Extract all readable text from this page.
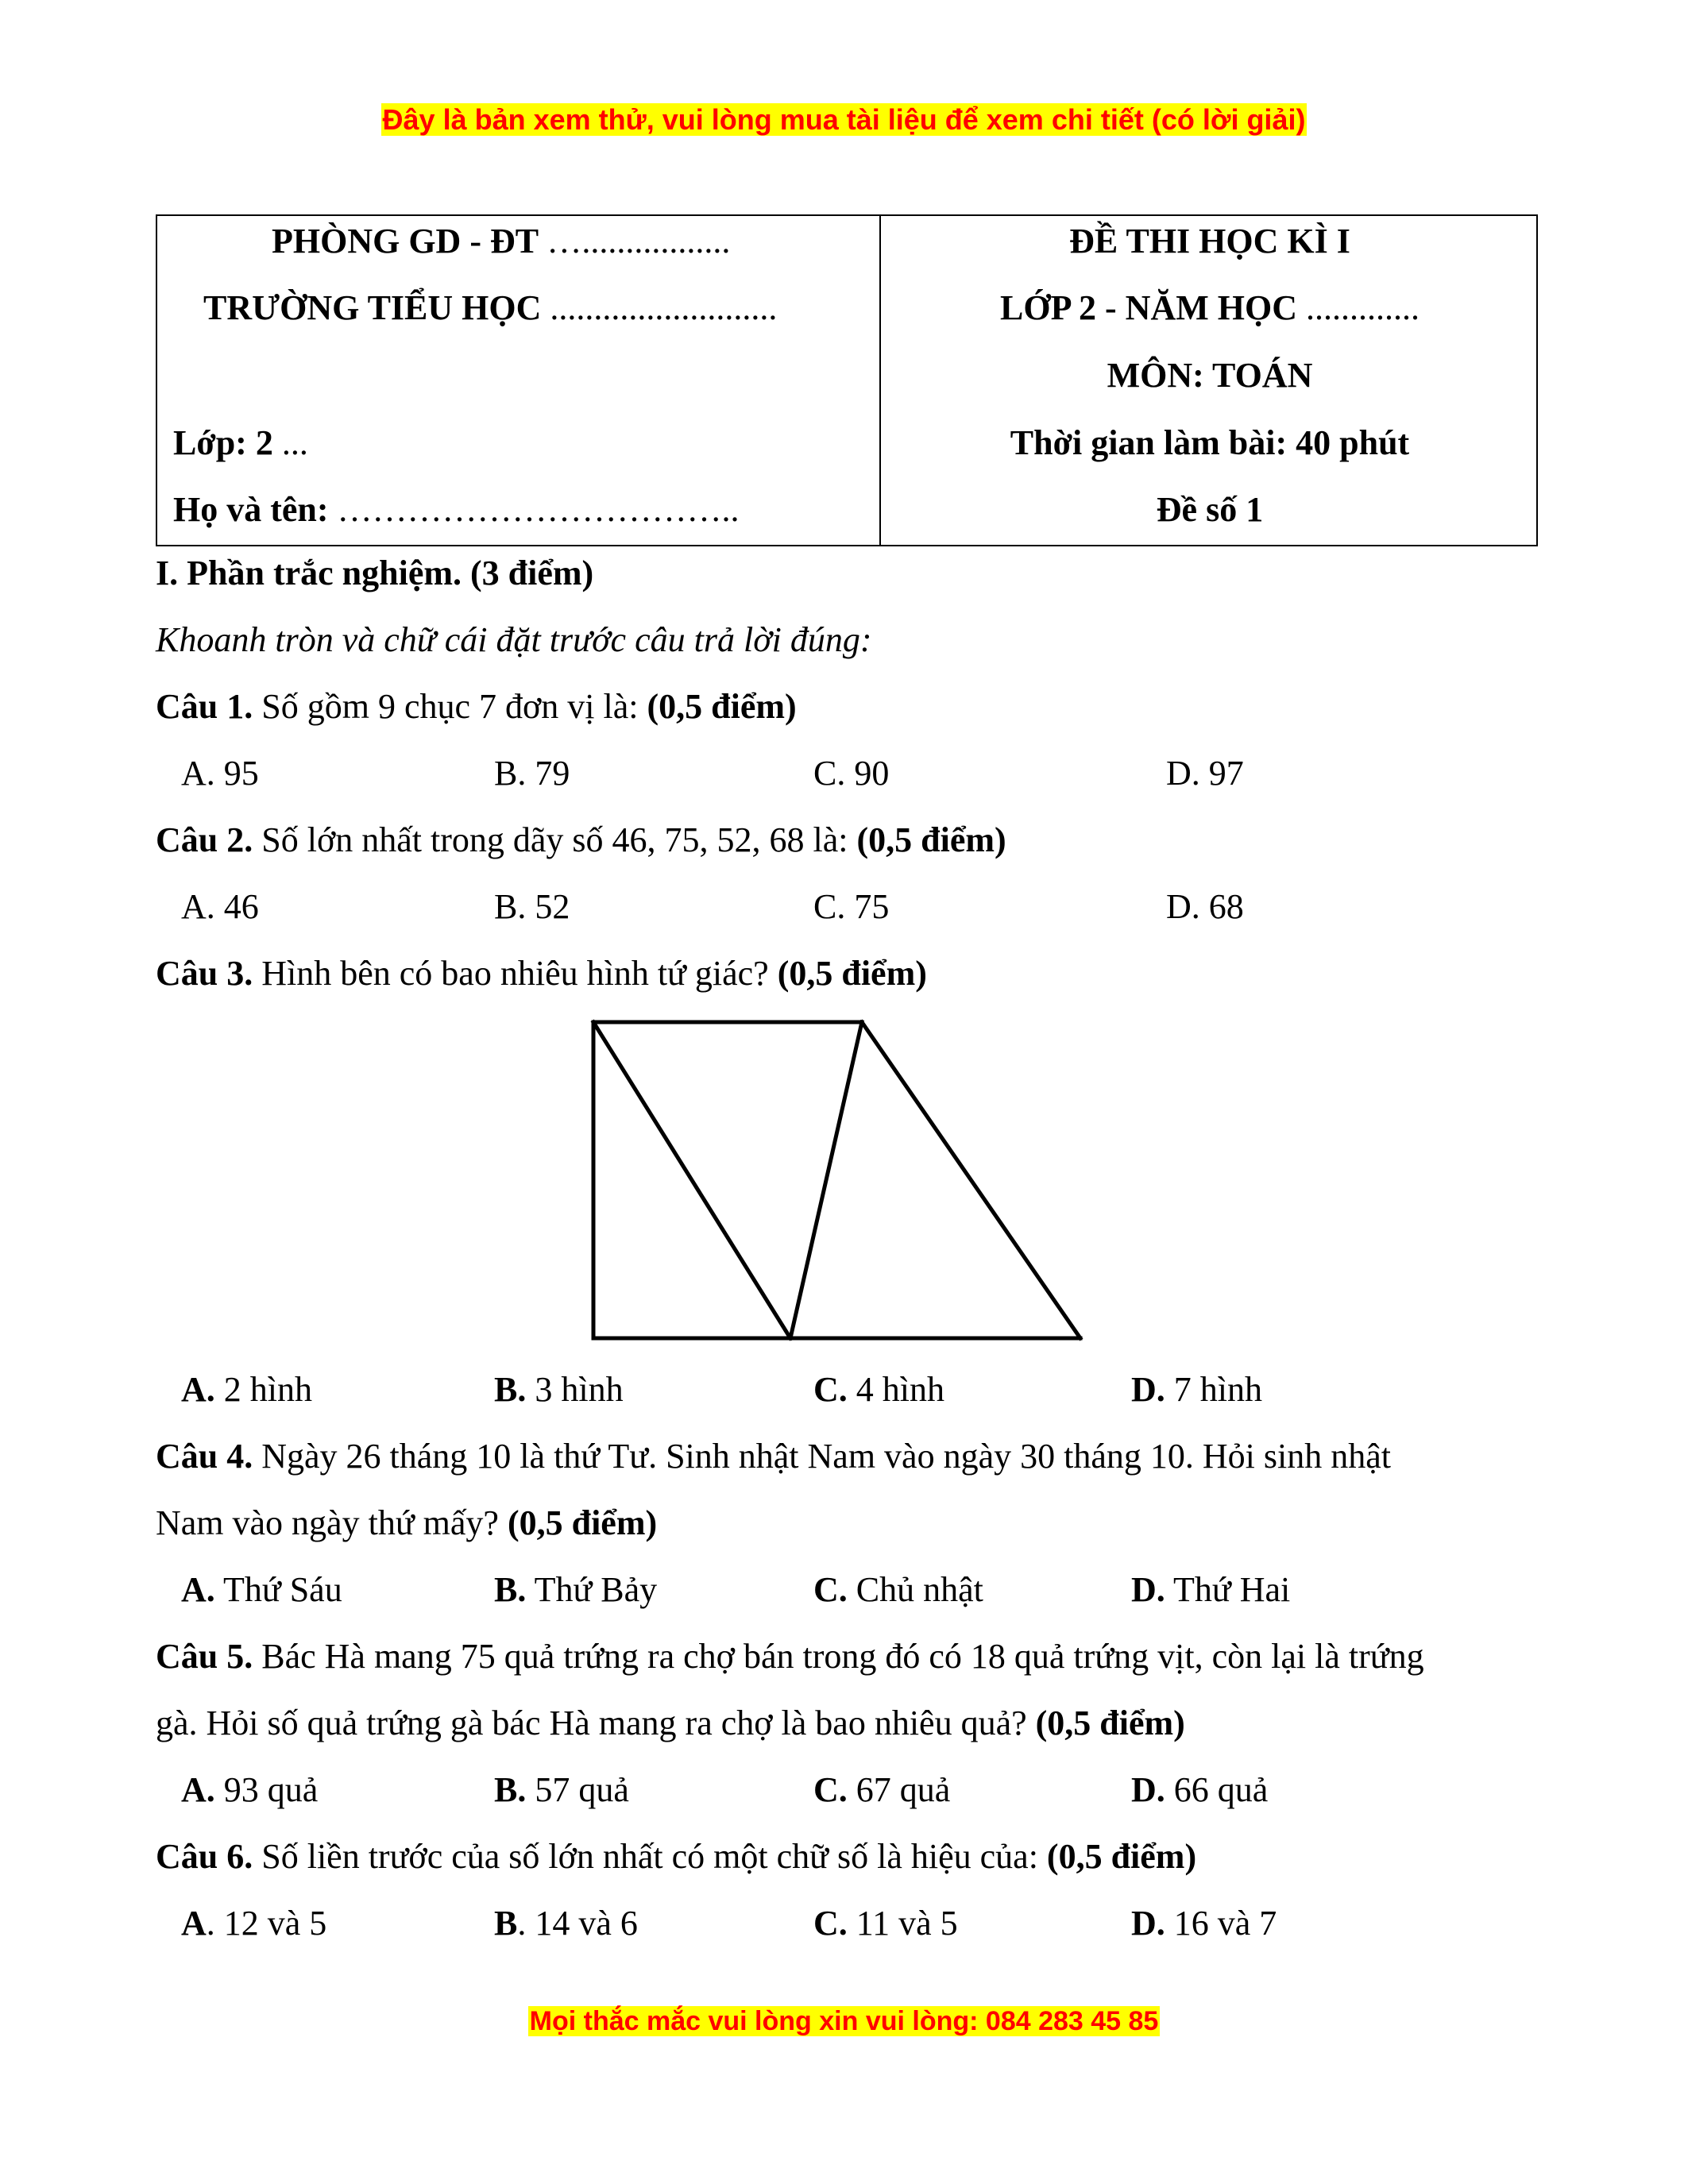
Đây là bản xem thử, vui lòng mua tài liệu để xem chi tiết (có lời giải)
PHÒNG GD - ĐT ….................
TRƯỜNG TIỂU HỌC ..........................
Lớp: 2 ...
Họ và tên: ……………………………..
ĐỀ THI HỌC KÌ I
LỚP 2 - NĂM HỌC .............
MÔN: TOÁN
Thời gian làm bài: 40 phút
Đề số 1
I. Phần trắc nghiệm. (3 điểm)
Khoanh tròn và chữ cái đặt trước câu trả lời đúng:
Câu 1. Số gồm 9 chục 7 đơn vị là: (0,5 điểm)
A. 95	B. 79	C. 90	D. 97
Câu 2. Số lớn nhất trong dãy số 46, 75, 52, 68 là: (0,5 điểm)
A. 46	B. 52	C. 75	D. 68
Câu 3. Hình bên có bao nhiêu hình tứ giác? (0,5 điểm)
A. 2 hình	B. 3 hình	C. 4 hình	D. 7 hình
Câu 4. Ngày 26 tháng 10 là thứ Tư. Sinh nhật Nam vào ngày 30 tháng 10. Hỏi sinh nhật
Nam vào ngày thứ mấy? (0,5 điểm)
A. Thứ Sáu	B. Thứ Bảy	C. Chủ nhật	D. Thứ Hai
Câu 5. Bác Hà mang 75 quả trứng ra chợ bán trong đó có 18 quả trứng vịt, còn lại là trứng
gà. Hỏi số quả trứng gà bác Hà mang ra chợ là bao nhiêu quả? (0,5 điểm)
A. 93 quả	B. 57 quả	C. 67 quả	D. 66 quả
Câu 6. Số liền trước của số lớn nhất có một chữ số là hiệu của: (0,5 điểm)
A. 12 và 5	B. 14 và 6	C. 11 và 5	D. 16 và 7
Mọi thắc mắc vui lòng xin vui lòng: 084 283 45 85
